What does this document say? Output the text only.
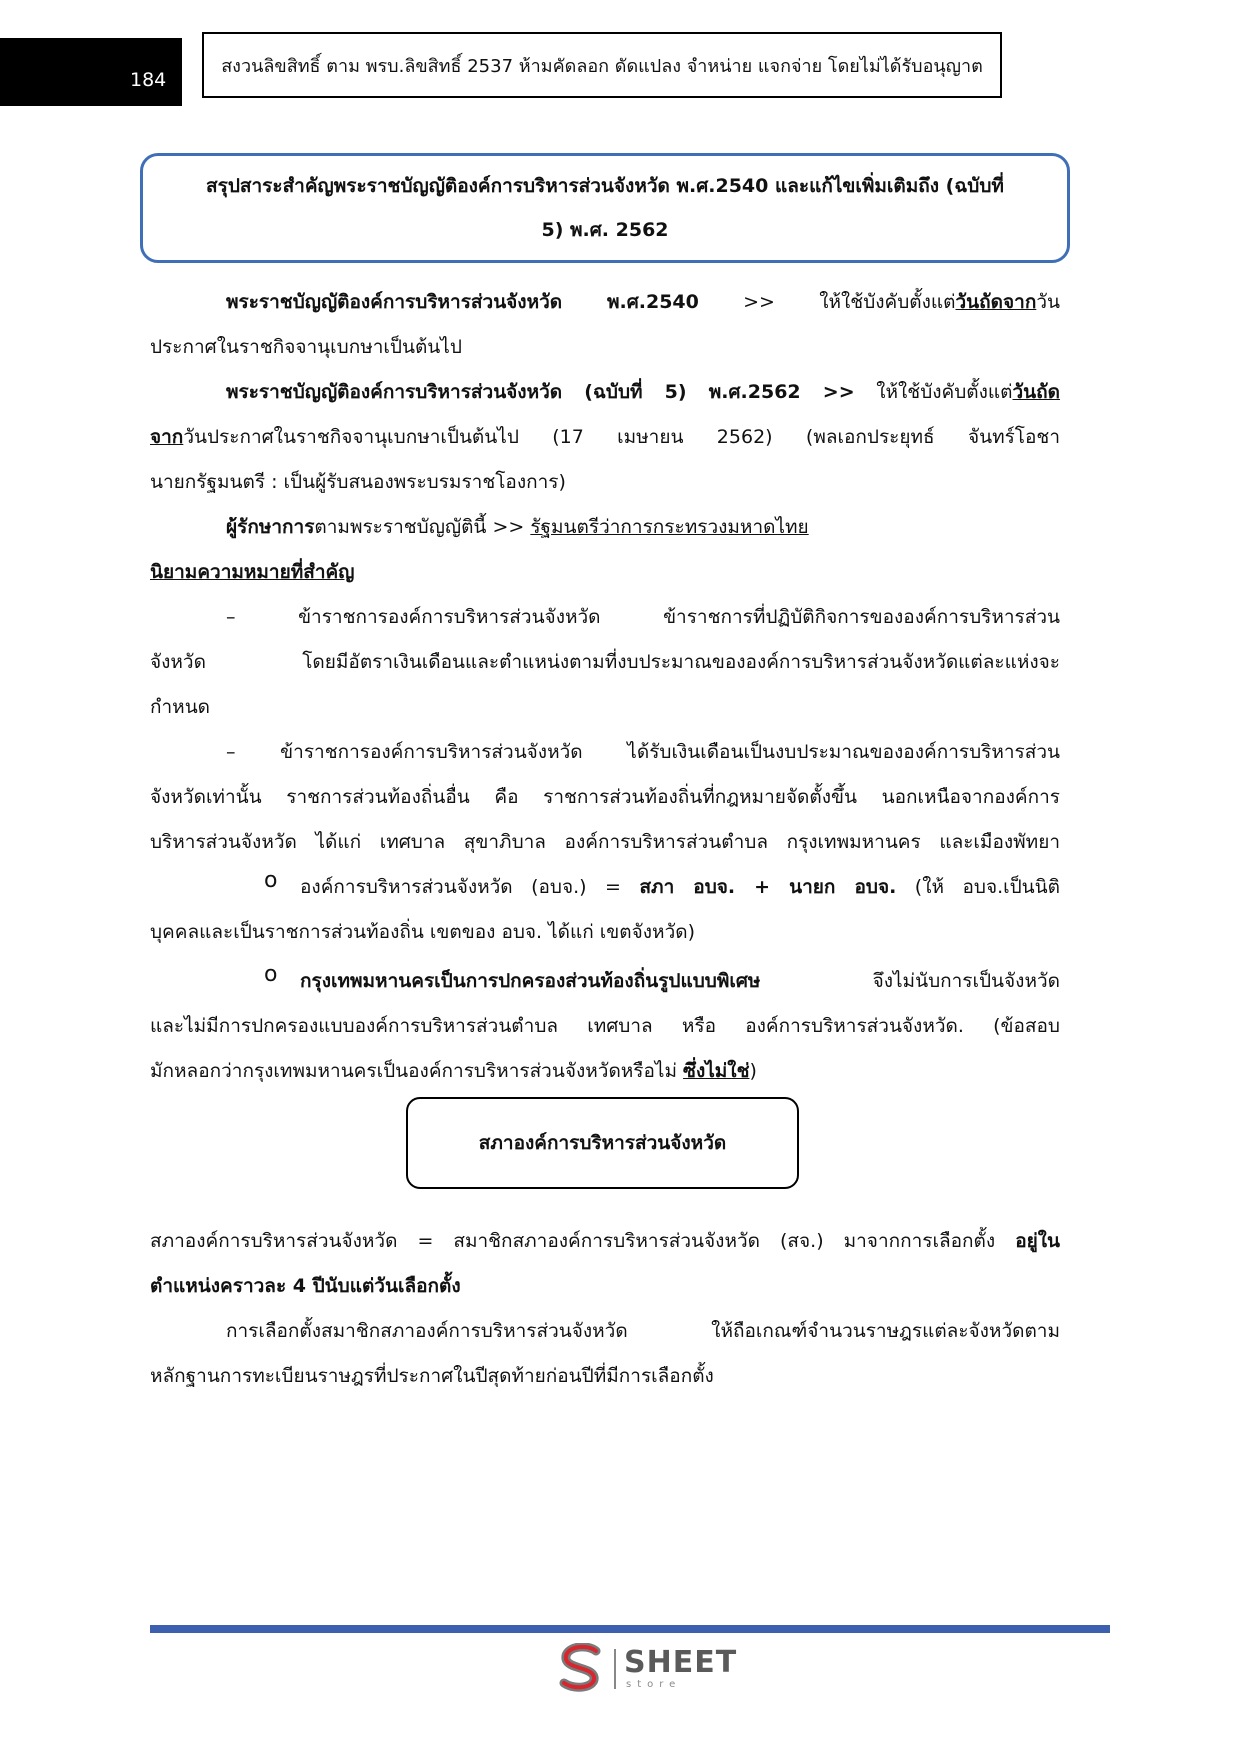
184
สงวนลิขสิทธิ์ ตาม พรบ.ลิขสิทธิ์ 2537 ห้ามคัดลอก ดัดแปลง จำหน่าย แจกจ่าย โดยไม่ได้รับอนุญาต
สรุปสาระสำคัญพระราชบัญญัติองค์การบริหารส่วนจังหวัด พ.ศ.2540 และแก้ไขเพิ่มเติมถึง (ฉบับที่
5) พ.ศ. 2562
พระราชบัญญัติองค์การบริหารส่วนจังหวัด พ.ศ.2540 >> ให้ใช้บังคับตั้งแต่วันถัดจากวัน
ประกาศในราชกิจจานุเบกษาเป็นต้นไป
พระราชบัญญัติองค์การบริหารส่วนจังหวัด (ฉบับที่ 5) พ.ศ.2562 >> ให้ใช้บังคับตั้งแต่วันถัด
จากวันประกาศในราชกิจจานุเบกษาเป็นต้นไป (17 เมษายน 2562) (พลเอกประยุทธ์ จันทร์โอชา
นายกรัฐมนตรี : เป็นผู้รับสนองพระบรมราชโองการ)
ผู้รักษาการตามพระราชบัญญัตินี้ >> รัฐมนตรีว่าการกระทรวงมหาดไทย
นิยามความหมายที่สำคัญ
– ข้าราชการองค์การบริหารส่วนจังหวัด ข้าราชการที่ปฏิบัติกิจการขององค์การบริหารส่วน
จังหวัด โดยมีอัตราเงินเดือนและตำแหน่งตามที่งบประมาณขององค์การบริหารส่วนจังหวัดแต่ละแห่งจะ
กำหนด
– ข้าราชการองค์การบริหารส่วนจังหวัด ได้รับเงินเดือนเป็นงบประมาณขององค์การบริหารส่วน
จังหวัดเท่านั้น ราชการส่วนท้องถิ่นอื่น คือ ราชการส่วนท้องถิ่นที่กฎหมายจัดตั้งขึ้น นอกเหนือจากองค์การ
บริหารส่วนจังหวัด ได้แก่ เทศบาล สุขาภิบาล องค์การบริหารส่วนตำบล กรุงเทพมหานคร และเมืองพัทยา
o องค์การบริหารส่วนจังหวัด (อบจ.) = สภา อบจ. + นายก อบจ. (ให้ อบจ.เป็นนิติ
บุคคลและเป็นราชการส่วนท้องถิ่น เขตของ อบจ. ได้แก่ เขตจังหวัด)
o กรุงเทพมหานครเป็นการปกครองส่วนท้องถิ่นรูปแบบพิเศษ จึงไม่นับการเป็นจังหวัด
และไม่มีการปกครองแบบองค์การบริหารส่วนตำบล เทศบาล หรือ องค์การบริหารส่วนจังหวัด. (ข้อสอบ
มักหลอกว่ากรุงเทพมหานครเป็นองค์การบริหารส่วนจังหวัดหรือไม่ ซึ่งไม่ใช่)
สภาองค์การบริหารส่วนจังหวัด
สภาองค์การบริหารส่วนจังหวัด = สมาชิกสภาองค์การบริหารส่วนจังหวัด (สจ.) มาจากการเลือกตั้ง อยู่ใน
ตำแหน่งคราวละ 4 ปีนับแต่วันเลือกตั้ง
การเลือกตั้งสมาชิกสภาองค์การบริหารส่วนจังหวัด ให้ถือเกณฑ์จำนวนราษฎรแต่ละจังหวัดตาม
หลักฐานการทะเบียนราษฎรที่ประกาศในปีสุดท้ายก่อนปีที่มีการเลือกตั้ง
SHEET
store
